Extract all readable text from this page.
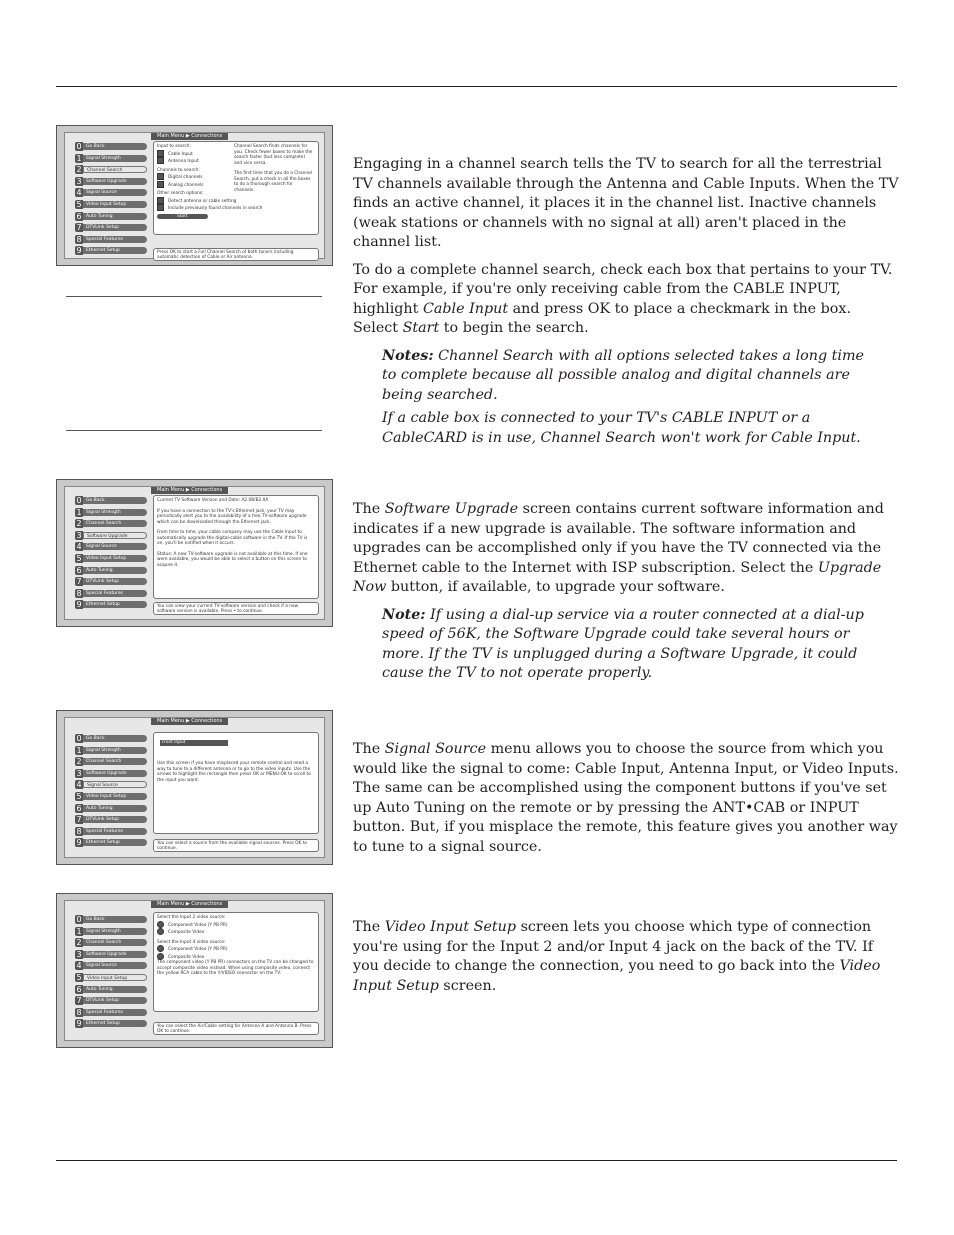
Main Menu ▶ Connections
0 Go Back
1 Signal Strength
2	Channel Search
3 Software Upgrade
4 Signal Source
5 Video Input Setup
6 Auto Tuning
7 DTVLink Setup
8 Special Features
9 Ethernet Setup
Input to search:
Cable Input
Antenna Input
Channels to search:
Digital channels
Analog channels
Other search options:
Detect antenna or cable setting
Include previously found channels in search
Start
Channel Search finds channels for you. Check fewer boxes to make the search faster (but less complete) and vice versa.
The first time that you do a Channel Search, put a check in all the boxes to do a thorough search for channels.
Press OK to start a Full Channel Search of both tuners including automatic detection of Cable or Air antenna.

Engaging in a channel search tells the TV to search for all the terrestrial TV channels available through the Antenna and Cable Inputs. When the TV finds an active channel, it places it in the channel list. Inactive channels (weak stations or channels with no signal at all) aren't placed in the channel list.

To do a complete channel search, check each box that pertains to your TV. For example, if you're only receiving cable from the CABLE INPUT, highlight Cable Input and press OK to place a checkmark in the box. Select Start to begin the search.

Notes: Channel Search with all options selected takes a long time to complete because all possible analog and digital channels are being searched.

If a cable box is connected to your TV's CABLE INPUT or a CableCARD is in use, Channel Search won't work for Cable Input.

Main Menu ▶ Connections
0 Go Back
1 Signal Strength
2 Channel Search
3	Software Upgrade
4 Signal Source
5 Video Input Setup
6 Auto Tuning
7 DTVLink Setup
8 Special Features
9 Ethernet Setup
Current TV Software Version and Date: A2.0B/B2.0A
If you have a connection to the TV's Ethernet jack, your TV may periodically alert you to the availability of a free TV-software upgrade which can be downloaded through the Ethernet jack.
From time to time, your cable company may use the Cable Input to automatically upgrade the digital-cable software in the TV. If the TV is on, you'll be notified when it occurs.
Status: A new TV-software upgrade is not available at this time. If one were available, you would be able to select a button on this screen to acquire it.
You can view your current TV-software version and check if a new software version is available. Press • to continue.

The Software Upgrade screen contains current software information and indicates if a new upgrade is available. The software information and upgrades can be accomplished only if you have the TV connected via the Ethernet cable to the Internet with ISP subscription. Select the Upgrade Now button, if available, to upgrade your software.

Note: If using a dial-up service via a router connected at a dial-up speed of 56K, the Software Upgrade could take several hours or more. If the TV is unplugged during a Software Upgrade, it could cause the TV to not operate properly.

Main Menu ▶ Connections
0 Go Back
1 Signal Strength
2 Channel Search
3 Software Upgrade
4	Signal Source
5 Video Input Setup
6 Auto Tuning
7 DTVLink Setup
8 Special Features
9 Ethernet Setup
Front Input
Use this screen if you have misplaced your remote control and need a way to tune to a different antenna or to go to the video inputs. Use the arrows to highlight the rectangle then press OK or MENU-OK to scroll to the input you want.
You can select a source from the available signal sources. Press OK to continue.

The Signal Source menu allows you to choose the source from which you would like the signal to come: Cable Input, Antenna Input, or Video Inputs. The same can be accomplished using the component buttons if you've set up Auto Tuning on the remote or by pressing the ANT•CAB or INPUT button. But, if you misplace the remote, this feature gives you another way to tune to a signal source.

Main Menu ▶ Connections
0 Go Back
1 Signal Strength
2 Channel Search
3 Software Upgrade
4 Signal Source
5	Video Input Setup
6 Auto Tuning
7 DTVLink Setup
8 Special Features
9 Ethernet Setup
Select the Input 2 video source:
Component Video (Y PB PR)
Composite Video
Select the Input 4 video source:
Component Video (Y PB PR)
Composite Video
The component video (Y PB PR) connectors on the TV can be changed to accept composite video instead. When using composite video, connect the yellow RCA cable to the Y/VIDEO connector on the TV.
You can select the Air/Cable setting for Antenna A and Antenna B. Press OK to continue.

The Video Input Setup screen lets you choose which type of connection you're using for the Input 2 and/or Input 4 jack on the back of the TV. If you decide to change the connection, you need to go back into the Video Input Setup screen.
